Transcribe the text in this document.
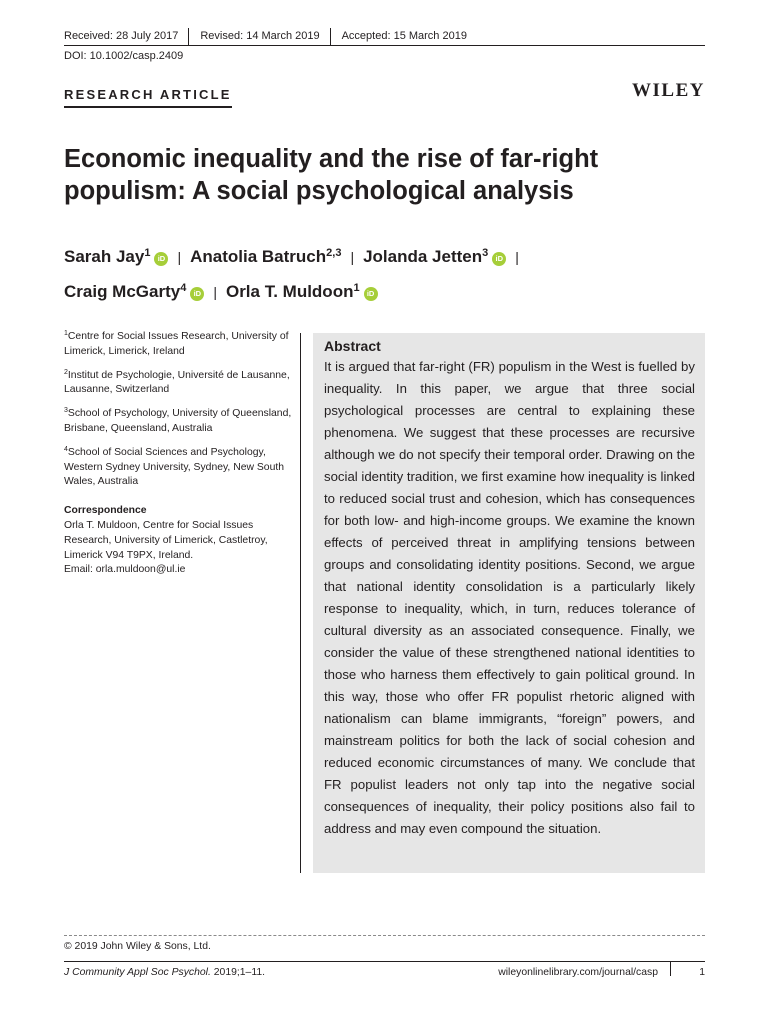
Received: 28 July 2017	Revised: 14 March 2019	Accepted: 15 March 2019
DOI: 10.1002/casp.2409
RESEARCH ARTICLE	WILEY
Economic inequality and the rise of far-right populism: A social psychological analysis
Sarah Jay$^1$ iD | Anatolia Batruch$^{2,3}$ | Jolanda Jetten$^3$ iD |
Craig McGarty$^4$ iD | Orla T. Muldoon$^1$ iD
$^1$Centre for Social Issues Research, University of Limerick, Limerick, Ireland
$^2$Institut de Psychologie, Université de Lausanne, Lausanne, Switzerland
$^3$School of Psychology, University of Queensland, Brisbane, Queensland, Australia
$^4$School of Social Sciences and Psychology, Western Sydney University, Sydney, New South Wales, Australia
Correspondence
Orla T. Muldoon, Centre for Social Issues Research, University of Limerick, Castletroy, Limerick V94 T9PX, Ireland.
Email: orla.muldoon@ul.ie
Abstract

It is argued that far-right (FR) populism in the West is fuelled by inequality. In this paper, we argue that three social psychological processes are central to explaining these phenomena. We suggest that these processes are recursive although we do not specify their temporal order. Drawing on the social identity tradition, we first examine how inequality is linked to reduced social trust and cohesion, which has consequences for both low- and high-income groups. We examine the known effects of perceived threat in amplifying tensions between groups and consolidating identity positions. Second, we argue that national identity consolidation is a particularly likely response to inequality, which, in turn, reduces tolerance of cultural diversity as an associated consequence. Finally, we consider the value of these strengthened national identities to those who harness them effectively to gain political ground. In this way, those who offer FR populist rhetoric aligned with nationalism can blame immigrants, “foreign” powers, and mainstream politics for both the lack of social cohesion and reduced economic circumstances of many. We conclude that FR populist leaders not only tap into the negative social consequences of inequality, their policy positions also fail to address and may even compound the situation.

© 2019 John Wiley & Sons, Ltd.
J Community Appl Soc Psychol. 2019;1–11.	wileyonlinelibrary.com/journal/casp	1
